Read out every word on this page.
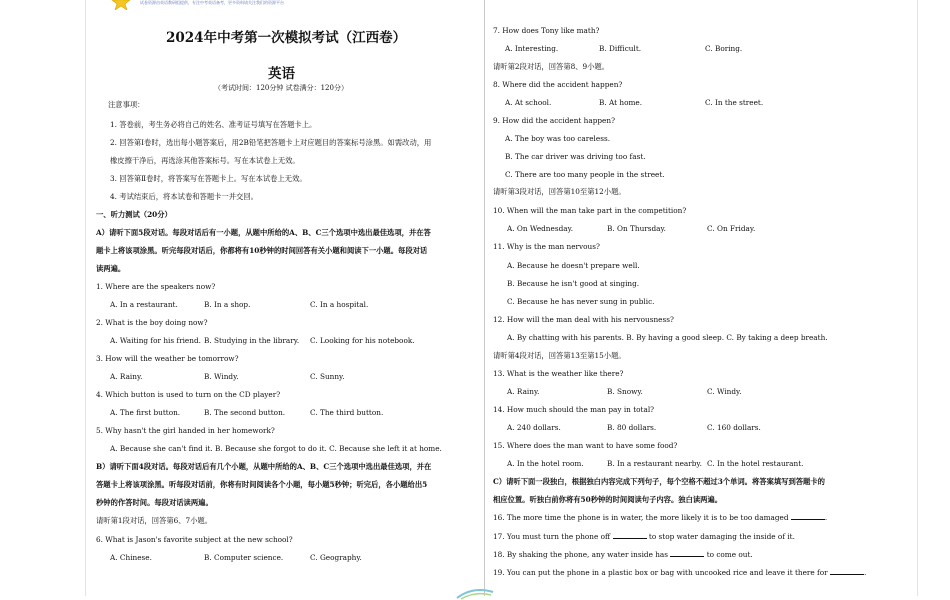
试卷资源由英语教研组提供，专注中考英语备考，更多资料请关注我们的资源平台
2024年中考第一次模拟考试（江西卷）
英语
（考试时间：120分钟 试卷满分：120分）
注意事项：
1. 答卷前，考生务必将自己的姓名、准考证号填写在答题卡上。
2. 回答第Ⅰ卷时，选出每小题答案后，用2B铅笔把答题卡上对应题目的答案标号涂黑。如需改动，用
橡皮擦干净后，再选涂其他答案标号。写在本试卷上无效。
3. 回答第Ⅱ卷时，将答案写在答题卡上。写在本试卷上无效。
4. 考试结束后，将本试卷和答题卡一并交回。
一、听力测试（20分）
A）请听下面5段对话。每段对话后有一小题，从题中所给的A、B、C三个选项中选出最佳选项，并在答
题卡上将该项涂黑。听完每段对话后，你都将有10秒钟的时间回答有关小题和阅读下一小题。每段对话
读两遍。
1. Where are the speakers now?
A. In a restaurant.	B. In a shop.	C. In a hospital.
2. What is the boy doing now?
A. Waiting for his friend. B. Studying in the library. C. Looking for his notebook.
3. How will the weather be tomorrow?
A. Rainy.	B. Windy.	C. Sunny.
4. Which button is used to turn on the CD player?
A. The first button.	B. The second button.	C. The third button.
5. Why hasn't the girl handed in her homework?
A. Because she can't find it. B. Because she forgot to do it. C. Because she left it at home.
B）请听下面4段对话。每段对话后有几个小题，从题中所给的A、B、C三个选项中选出最佳选项，并在
答题卡上将该项涂黑。听每段对话前，你将有时间阅读各个小题，每小题5秒钟；听完后，各小题给出5
秒钟的作答时间。每段对话读两遍。
请听第1段对话，回答第6、7小题。
6. What is Jason's favorite subject at the new school?
A. Chinese.	B. Computer science.	C. Geography.
7. How does Tony like math?
A. Interesting.	B. Difficult.	C. Boring.
请听第2段对话，回答第8、9小题。
8. Where did the accident happen?
A. At school.	B. At home.	C. In the street.
9. How did the accident happen?
A. The boy was too careless.
B. The car driver was driving too fast.
C. There are too many people in the street.
请听第3段对话，回答第10至第12小题。
10. When will the man take part in the competition?
A. On Wednesday.	B. On Thursday.	C. On Friday.
11. Why is the man nervous?
A. Because he doesn't prepare well.
B. Because he isn't good at singing.
C. Because he has never sung in public.
12. How will the man deal with his nervousness?
A. By chatting with his parents. B. By having a good sleep. C. By taking a deep breath.
请听第4段对话，回答第13至第15小题。
13. What is the weather like there?
A. Rainy.	B. Snowy.	C. Windy.
14. How much should the man pay in total?
A. 240 dollars.	B. 80 dollars.	C. 160 dollars.
15. Where does the man want to have some food?
A. In the hotel room.	B. In a restaurant nearby. C. In the hotel restaurant.
C）请听下面一段独白，根据独白内容完成下列句子，每个空格不超过3个单词。将答案填写到答题卡的
相应位置。听独白前你将有50秒钟的时间阅读句子内容。独白读两遍。
16. The more time the phone is in water, the more likely it is to be too damaged	.
17. You must turn the phone off	to stop water damaging the inside of it.
18. By shaking the phone, any water inside has	to come out.
19. You can put the phone in a plastic box or bag with uncooked rice and leave it there for	.
